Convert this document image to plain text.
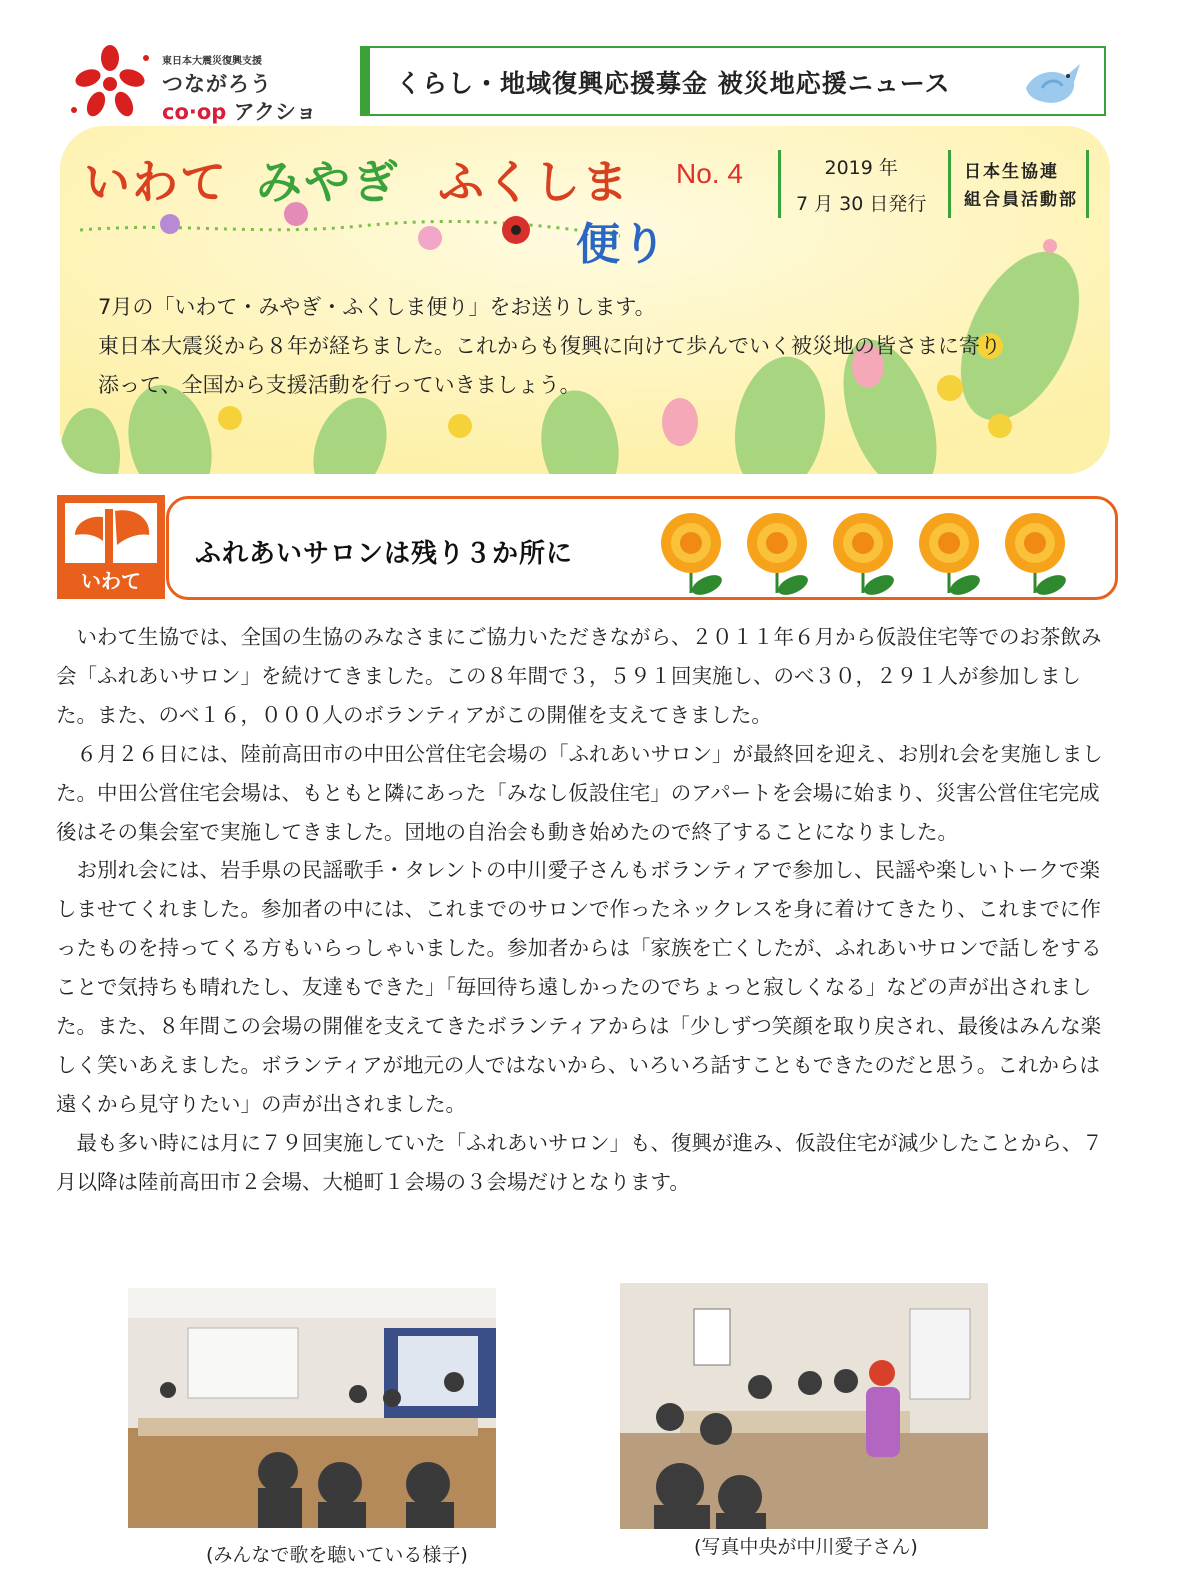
東日本大震災復興支援
つながろう
co·op アクショ
くらし・地域復興応援募金 被災地応援ニュース
いわて みやぎ ふくしま
便り
No. 4	2019 年
7 月 30 日発行
日本生協連
組合員活動部
7月の「いわて・みやぎ・ふくしま便り」をお送りします。
東日本大震災から８年が経ちました。これからも復興に向けて歩んでいく被災地の皆さまに寄り
添って、全国から支援活動を行っていきましょう。
いわて
ふれあいサロンは残り３か所に

いわて生協では、全国の生協のみなさまにご協力いただきながら、２０１１年６月から仮設住宅等でのお茶飲み会「ふれあいサロン」を続けてきました。この８年間で３，５９１回実施し、のべ３０，２９１人が参加しました。また、のべ１６，０００人のボランティアがこの開催を支えてきました。

６月２６日には、陸前高田市の中田公営住宅会場の「ふれあいサロン」が最終回を迎え、お別れ会を実施しました。中田公営住宅会場は、もともと隣にあった「みなし仮設住宅」のアパートを会場に始まり、災害公営住宅完成後はその集会室で実施してきました。団地の自治会も動き始めたので終了することになりました。

お別れ会には、岩手県の民謡歌手・タレントの中川愛子さんもボランティアで参加し、民謡や楽しいトークで楽しませてくれました。参加者の中には、これまでのサロンで作ったネックレスを身に着けてきたり、これまでに作ったものを持ってくる方もいらっしゃいました。参加者からは「家族を亡くしたが、ふれあいサロンで話しをすることで気持ちも晴れたし、友達もできた」「毎回待ち遠しかったのでちょっと寂しくなる」などの声が出されました。また、８年間この会場の開催を支えてきたボランティアからは「少しずつ笑顔を取り戻され、最後はみんな楽しく笑いあえました。ボランティアが地元の人ではないから、いろいろ話すこともできたのだと思う。これからは遠くから見守りたい」の声が出されました。

最も多い時には月に７９回実施していた「ふれあいサロン」も、復興が進み、仮設住宅が減少したことから、７月以降は陸前高田市２会場、大槌町１会場の３会場だけとなります。

(みんなで歌を聴いている様子)	(写真中央が中川愛子さん)
